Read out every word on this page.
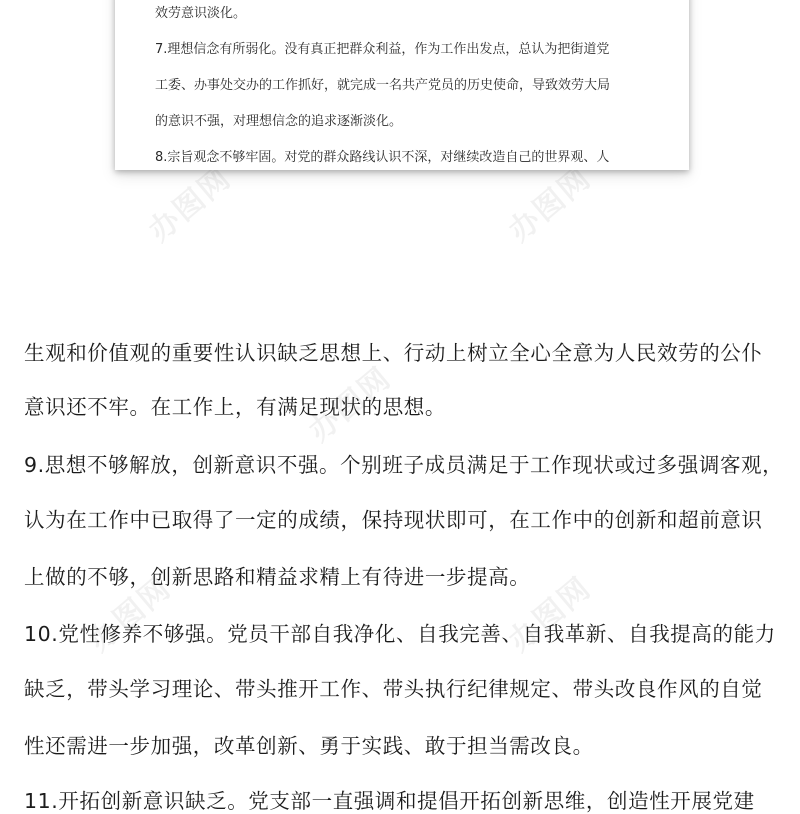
办图网	办图网
办图网
办图网	办图网
效劳意识淡化。
7.理想信念有所弱化。没有真正把群众利益，作为工作出发点，总认为把街道党
工委、办事处交办的工作抓好，就完成一名共产党员的历史使命，导致效劳大局
的意识不强，对理想信念的追求逐渐淡化。
8.宗旨观念不够牢固。对党的群众路线认识不深，对继续改造自己的世界观、人
生观和价值观的重要性认识缺乏思想上、行动上树立全心全意为人民效劳的公仆
意识还不牢。在工作上，有满足现状的思想。
9.思想不够解放，创新意识不强。个别班子成员满足于工作现状或过多强调客观，
认为在工作中已取得了一定的成绩，保持现状即可，在工作中的创新和超前意识
上做的不够，创新思路和精益求精上有待进一步提高。
10.党性修养不够强。党员干部自我净化、自我完善、自我革新、自我提高的能力
缺乏，带头学习理论、带头推开工作、带头执行纪律规定、带头改良作风的自觉
性还需进一步加强，改革创新、勇于实践、敢于担当需改良。
11.开拓创新意识缺乏。党支部一直强调和提倡开拓创新思维，创造性开展党建
